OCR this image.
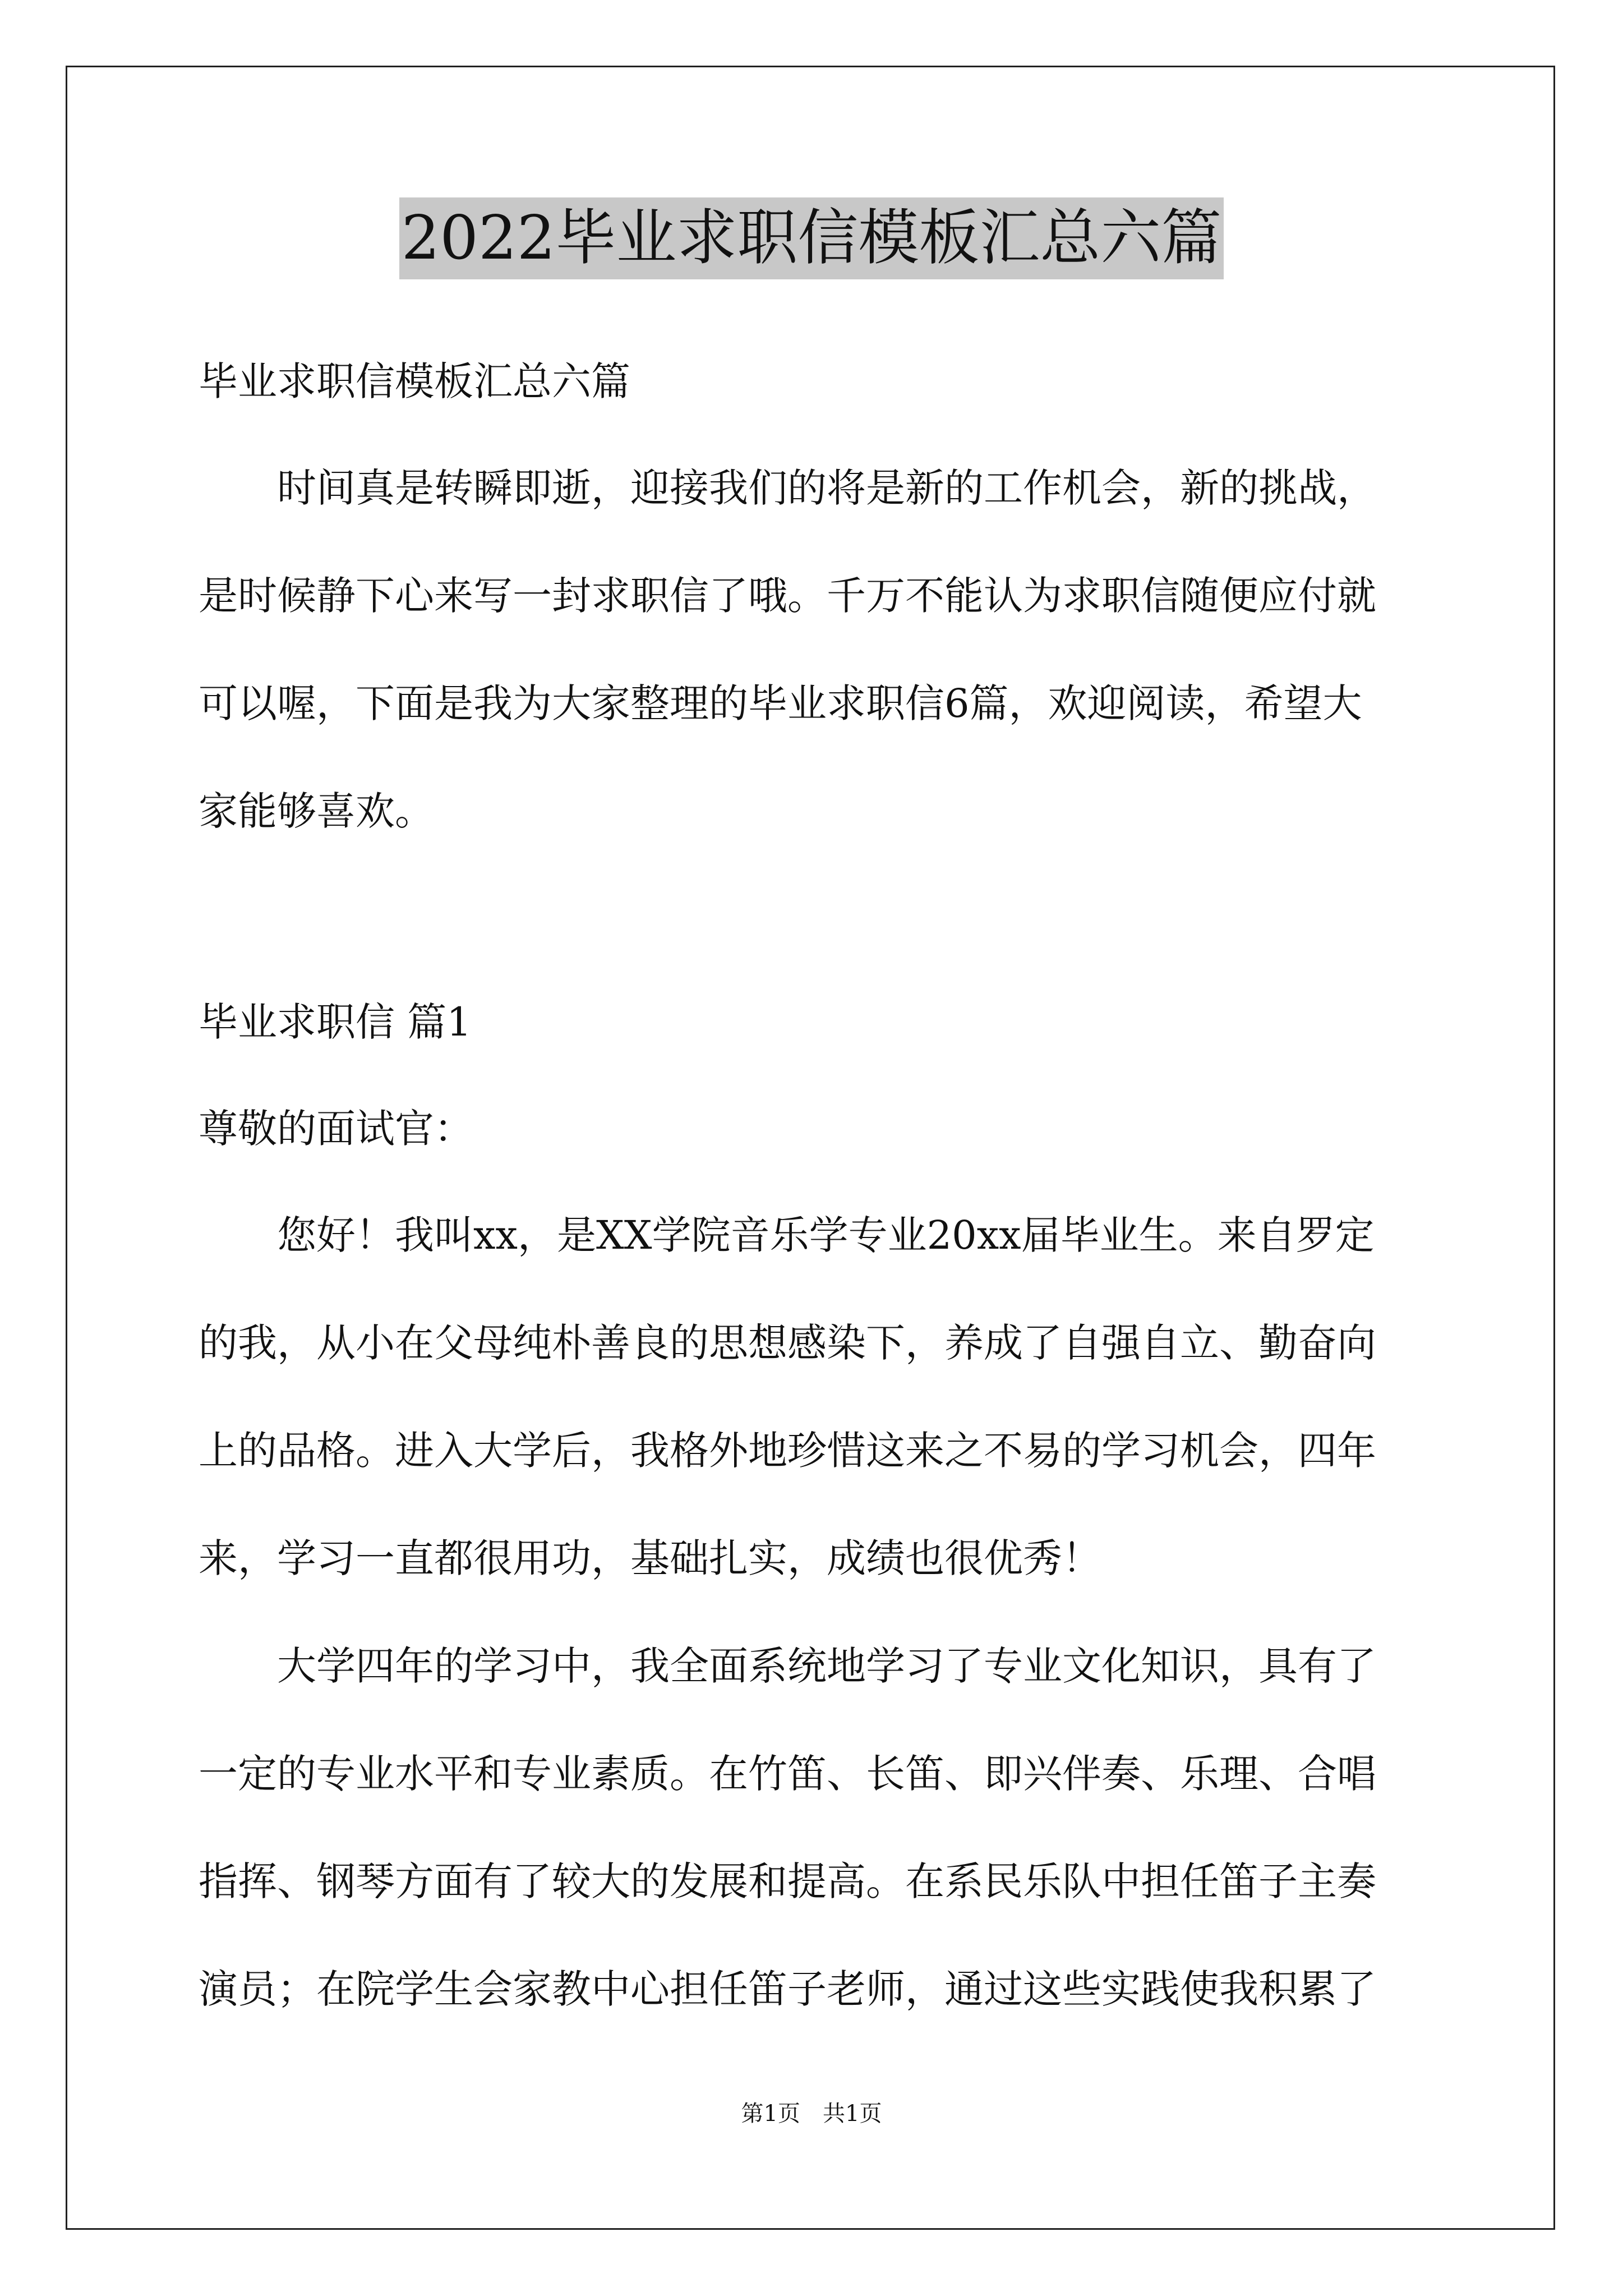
2022毕业求职信模板汇总六篇
毕业求职信模板汇总六篇
　　时间真是转瞬即逝，迎接我们的将是新的工作机会，新的挑战，
是时候静下心来写一封求职信了哦。千万不能认为求职信随便应付就
可以喔，下面是我为大家整理的毕业求职信6篇，欢迎阅读，希望大
家能够喜欢。
毕业求职信 篇1
尊敬的面试官：
　　您好！我叫xx，是XX学院音乐学专业20xx届毕业生。来自罗定
的我，从小在父母纯朴善良的思想感染下，养成了自强自立、勤奋向
上的品格。进入大学后，我格外地珍惜这来之不易的学习机会，四年
来，学习一直都很用功，基础扎实，成绩也很优秀！
　　大学四年的学习中，我全面系统地学习了专业文化知识，具有了
一定的专业水平和专业素质。在竹笛、长笛、即兴伴奏、乐理、合唱
指挥、钢琴方面有了较大的发展和提高。在系民乐队中担任笛子主奏
演员；在院学生会家教中心担任笛子老师，通过这些实践使我积累了
第1页　共1页
